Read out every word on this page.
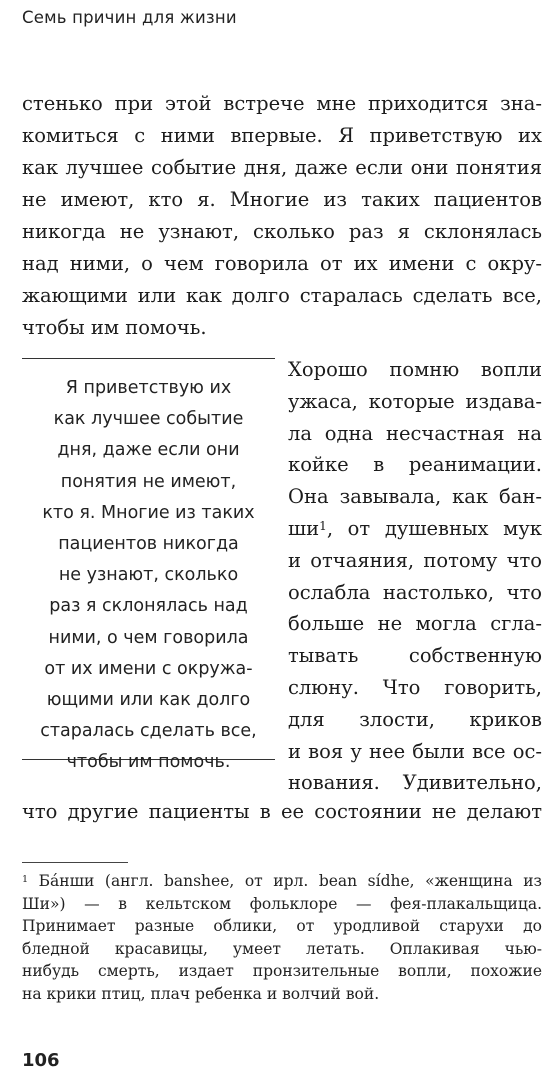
Семь причин для жизни
стенько при этой встрече мне приходится зна-
комиться с ними впервые. Я приветствую их
как лучшее событие дня, даже если они понятия
не имеют, кто я. Многие из таких пациентов
никогда не узнают, сколько раз я склонялась
над ними, о чем говорила от их имени с окру-
жающими или как долго старалась сделать все,
чтобы им помочь.
Я приветствую их
как лучшее событие
дня, даже если они
понятия не имеют,
кто я. Многие из таких
пациентов никогда
не узнают, сколько
раз я склонялась над
ними, о чем говорила
от их имени с окружа-
ющими или как долго
старалась сделать все,
чтобы им помочь.
Хорошо помню вопли
ужаса, которые издава-
ла одна несчастная на
койке в реанимации.
Она завывала, как бан-
$ши^1$, от душевных мук
и отчаяния, потому что
ослабла настолько, что
больше не могла сгла-
тывать собственную
слюну. Что говорить,
для злости, криков
и воя у нее были все ос-
нования. Удивительно,
что другие пациенты в ее состоянии не делают
$^1$ Ба́нши (англ. banshee, от ирл. bean sídhe, «женщина из
Ши») — в кельтском фольклоре — фея-плакальщица.
Принимает разные облики, от уродливой старухи до
бледной красавицы, умеет летать. Оплакивая чью-
нибудь смерть, издает пронзительные вопли, похожие
на крики птиц, плач ребенка и волчий вой.
106
